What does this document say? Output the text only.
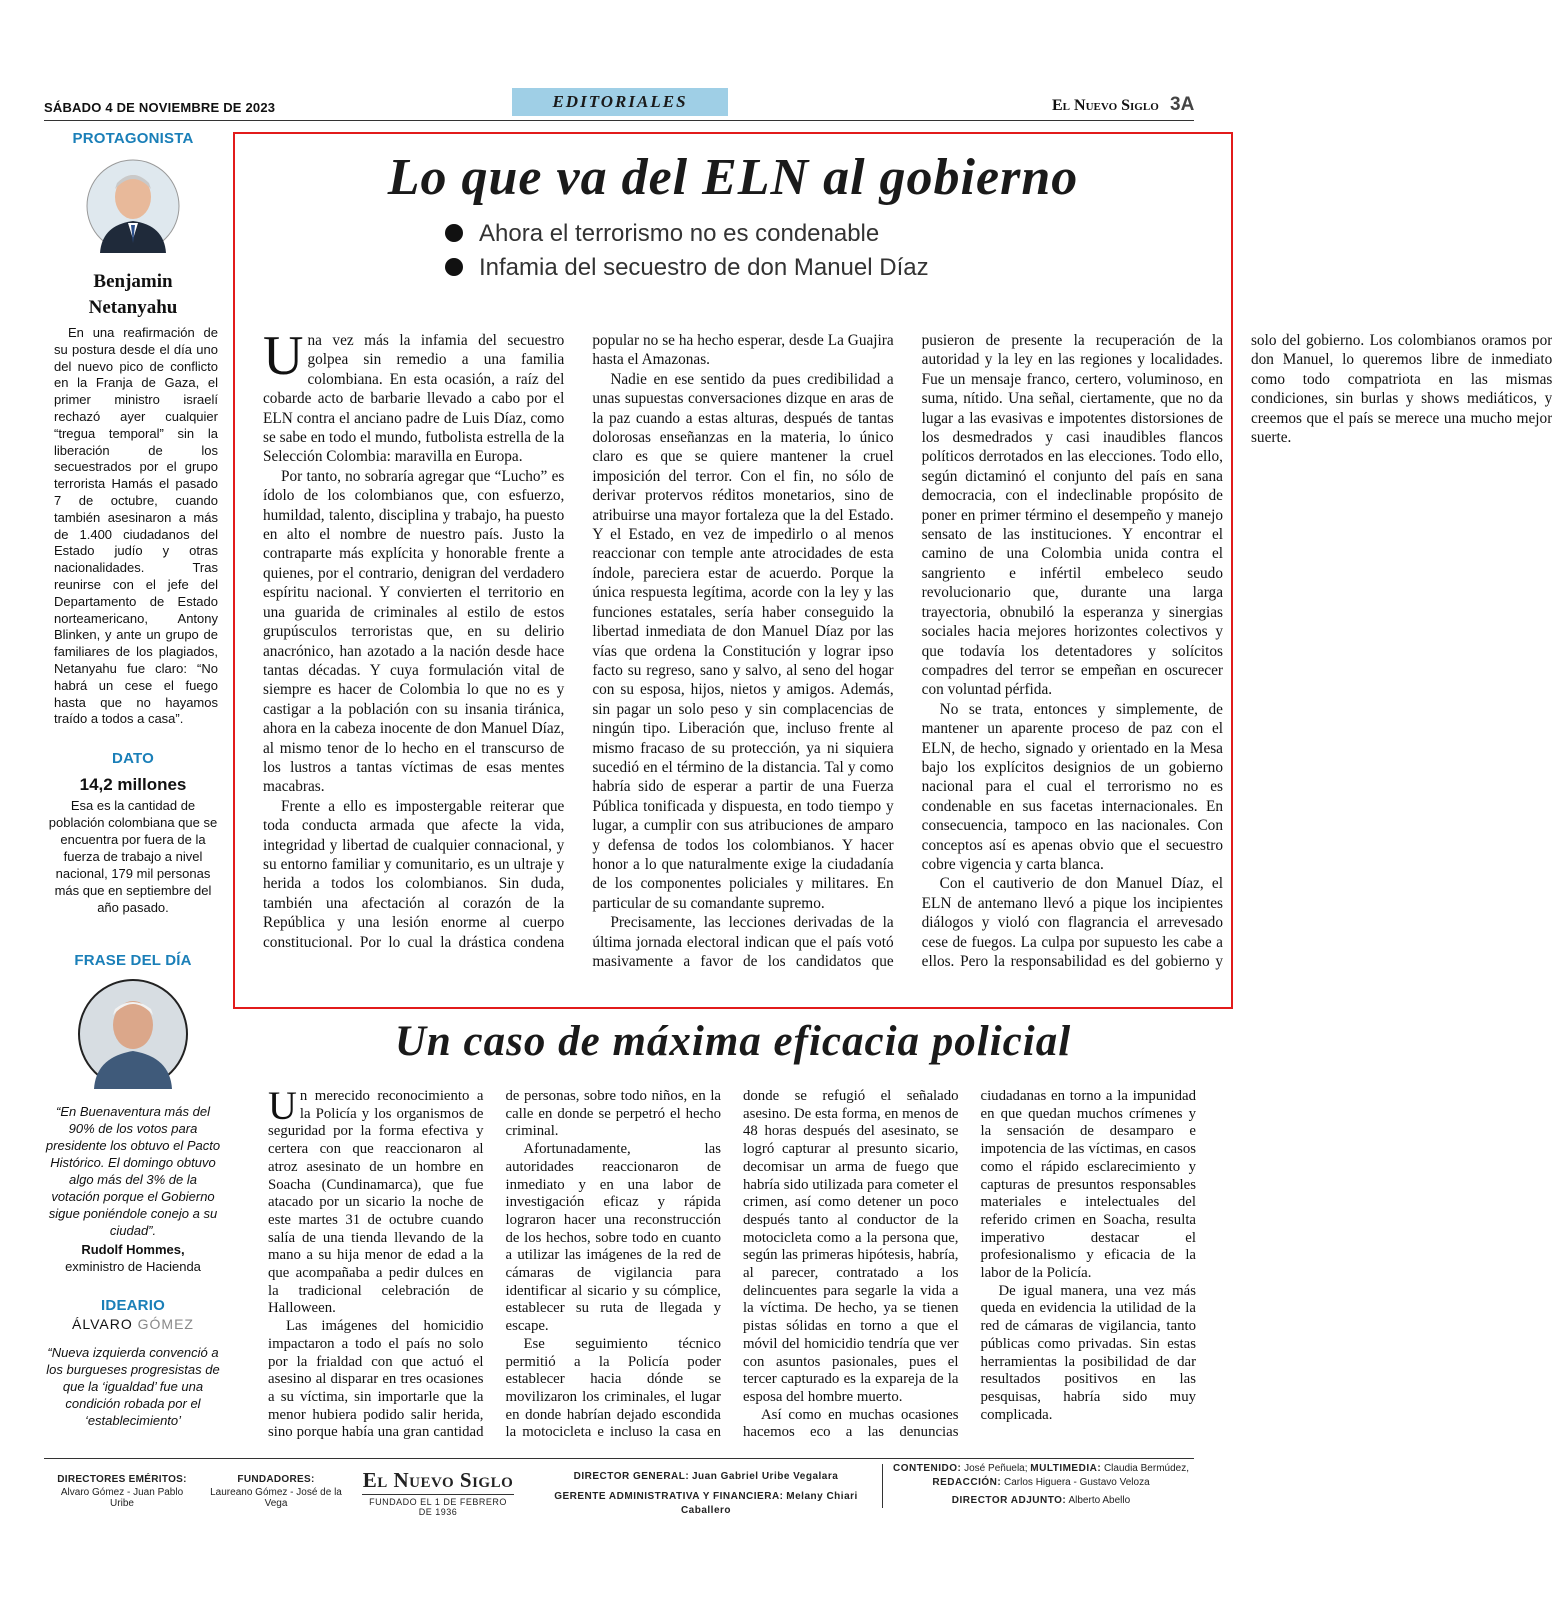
SÁBADO 4 DE NOVIEMBRE DE 2023	EDITORIALES	El Nuevo Siglo 3A
PROTAGONISTA
Benjamin
Netanyahu

En una reafirmación de su postura desde el día uno del nuevo pico de conflicto en la Franja de Gaza, el primer ministro israelí rechazó ayer cualquier “tregua temporal” sin la liberación de los secuestrados por el grupo terrorista Hamás el pasado 7 de octubre, cuando también asesinaron a más de 1.400 ciudadanos del Estado judío y otras nacionalidades. Tras reunirse con el jefe del Departamento de Estado norteamericano, Antony Blinken, y ante un grupo de familiares de los plagiados, Netanyahu fue claro: “No habrá un cese el fuego hasta que no hayamos traído a todos a casa”.

DATO
14,2 millones

Esa es la cantidad de población colombiana que se encuentra por fuera de la fuerza de trabajo a nivel nacional, 179 mil personas más que en septiembre del año pasado.

FRASE DEL DÍA

“En Buenaventura más del 90% de los votos para presidente los obtuvo el Pacto Histórico. El domingo obtuvo algo más del 3% de la votación porque el Gobierno sigue poniéndole conejo a su ciudad”.

Rudolf Hommes,
exministro de Hacienda
IDEARIO
ÁLVARO GÓMEZ

“Nueva izquierda convenció a los burgueses progresistas de que la ‘igualdad’ fue una condición robada por el ‘establecimiento’

Lo que va del ELN al gobierno
Ahora el terrorismo no es condenable
Infamia del secuestro de don Manuel Díaz

Una vez más la infamia del secuestro golpea sin remedio a una familia colombiana. En esta ocasión, a raíz del cobarde acto de barbarie llevado a cabo por el ELN contra el anciano padre de Luis Díaz, como se sabe en todo el mundo, futbolista estrella de la Selección Colombia: maravilla en Europa.

Por tanto, no sobraría agregar que “Lucho” es ídolo de los colombianos que, con esfuerzo, humildad, talento, disciplina y trabajo, ha puesto en alto el nombre de nuestro país. Justo la contraparte más explícita y honorable frente a quienes, por el contrario, denigran del verdadero espíritu nacional. Y convierten el territorio en una guarida de criminales al estilo de estos grupúsculos terroristas que, en su delirio anacrónico, han azotado a la nación desde hace tantas décadas. Y cuya formulación vital de siempre es hacer de Colombia lo que no es y castigar a la población con su insania tiránica, ahora en la cabeza inocente de don Manuel Díaz, al mismo tenor de lo hecho en el transcurso de los lustros a tantas víctimas de esas mentes macabras.

Frente a ello es impostergable reiterar que toda conducta armada que afecte la vida, integridad y libertad de cualquier connacional, y su entorno familiar y comunitario, es un ultraje y herida a todos los colombianos. Sin duda, también una afectación al corazón de la República y una lesión enorme al cuerpo constitucional. Por lo cual la drástica condena popular no se ha hecho esperar, desde La Guajira hasta el Amazonas.

Nadie en ese sentido da pues credibilidad a unas supuestas conversaciones dizque en aras de la paz cuando a estas alturas, después de tantas dolorosas enseñanzas en la materia, lo único claro es que se quiere mantener la cruel imposición del terror. Con el fin, no sólo de derivar protervos réditos monetarios, sino de atribuirse una mayor fortaleza que la del Estado. Y el Estado, en vez de impedirlo o al menos reaccionar con temple ante atrocidades de esta índole, pareciera estar de acuerdo. Porque la única respuesta legítima, acorde con la ley y las funciones estatales, sería haber conseguido la libertad inmediata de don Manuel Díaz por las vías que ordena la Constitución y lograr ipso facto su regreso, sano y salvo, al seno del hogar con su esposa, hijos, nietos y amigos. Además, sin pagar un solo peso y sin complacencias de ningún tipo. Liberación que, incluso frente al mismo fracaso de su protección, ya ni siquiera sucedió en el término de la distancia. Tal y como habría sido de esperar a partir de una Fuerza Pública tonificada y dispuesta, en todo tiempo y lugar, a cumplir con sus atribuciones de amparo y defensa de todos los colombianos. Y hacer honor a lo que naturalmente exige la ciudadanía de los componentes policiales y militares. En particular de su comandante supremo.

Precisamente, las lecciones derivadas de la última jornada electoral indican que el país votó masivamente a favor de los candidatos que pusieron de presente la recuperación de la autoridad y la ley en las regiones y localidades. Fue un mensaje franco, certero, voluminoso, en suma, nítido. Una señal, ciertamente, que no da lugar a las evasivas e impotentes distorsiones de los desmedrados y casi inaudibles flancos políticos derrotados en las elecciones. Todo ello, según dictaminó el conjunto del país en sana democracia, con el indeclinable propósito de poner en primer término el desempeño y manejo sensato de las instituciones. Y encontrar el camino de una Colombia unida contra el sangriento e infértil embeleco seudo revolucionario que, durante una larga trayectoria, obnubiló la esperanza y sinergias sociales hacia mejores horizontes colectivos y que todavía los detentadores y solícitos compadres del terror se empeñan en oscurecer con voluntad pérfida.

No se trata, entonces y simplemente, de mantener un aparente proceso de paz con el ELN, de hecho, signado y orientado en la Mesa bajo los explícitos designios de un gobierno nacional para el cual el terrorismo no es condenable en sus facetas internacionales. En consecuencia, tampoco en las nacionales. Con conceptos así es apenas obvio que el secuestro cobre vigencia y carta blanca.

Con el cautiverio de don Manuel Díaz, el ELN de antemano llevó a pique los incipientes diálogos y violó con flagrancia el arrevesado cese de fuegos. La culpa por supuesto les cabe a ellos. Pero la responsabilidad es del gobierno y solo del gobierno. Los colombianos oramos por don Manuel, lo queremos libre de inmediato como todo compatriota en las mismas condiciones, sin burlas y shows mediáticos, y creemos que el país se merece una mucho mejor suerte.

Un caso de máxima eficacia policial

Un merecido reconocimiento a la Policía y los organismos de seguridad por la forma efectiva y certera con que reaccionaron al atroz asesinato de un hombre en Soacha (Cundinamarca), que fue atacado por un sicario la noche de este martes 31 de octubre cuando salía de una tienda llevando de la mano a su hija menor de edad a la que acompañaba a pedir dulces en la tradicional celebración de Halloween.

Las imágenes del homicidio impactaron a todo el país no solo por la frialdad con que actuó el asesino al disparar en tres ocasiones a su víctima, sin importarle que la menor hubiera podido salir herida, sino porque había una gran cantidad de personas, sobre todo niños, en la calle en donde se perpetró el hecho criminal.

Afortunadamente, las autoridades reaccionaron de inmediato y en una labor de investigación eficaz y rápida lograron hacer una reconstrucción de los hechos, sobre todo en cuanto a utilizar las imágenes de la red de cámaras de vigilancia para identificar al sicario y su cómplice, establecer su ruta de llegada y escape.

Ese seguimiento técnico permitió a la Policía poder establecer hacia dónde se movilizaron los criminales, el lugar en donde habrían dejado escondida la motocicleta e incluso la casa en donde se refugió el señalado asesino. De esta forma, en menos de 48 horas después del asesinato, se logró capturar al presunto sicario, decomisar un arma de fuego que habría sido utilizada para cometer el crimen, así como detener un poco después tanto al conductor de la motocicleta como a la persona que, según las primeras hipótesis, habría, al parecer, contratado a los delincuentes para segarle la vida a la víctima. De hecho, ya se tienen pistas sólidas en torno a que el móvil del homicidio tendría que ver con asuntos pasionales, pues el tercer capturado es la expareja de la esposa del hombre muerto.

Así como en muchas ocasiones hacemos eco a las denuncias ciudadanas en torno a la impunidad en que quedan muchos crímenes y la sensación de desamparo e impotencia de las víctimas, en casos como el rápido esclarecimiento y capturas de presuntos responsables materiales e intelectuales del referido crimen en Soacha, resulta imperativo destacar el profesionalismo y eficacia de la labor de la Policía.

De igual manera, una vez más queda en evidencia la utilidad de la red de cámaras de vigilancia, tanto públicas como privadas. Sin estas herramientas la posibilidad de dar resultados positivos en las pesquisas, habría sido muy complicada.

DIRECTORES EMÉRITOS:
Alvaro Gómez - Juan Pablo Uribe
FUNDADORES:
Laureano Gómez - José de la Vega
El Nuevo Siglo
FUNDADO EL 1 DE FEBRERO DE 1936
DIRECTOR GENERAL: Juan Gabriel Uribe Vegalara
GERENTE ADMINISTRATIVA Y FINANCIERA: Melany Chiari Caballero
CONTENIDO: José Peñuela; MULTIMEDIA: Claudia Bermúdez,
REDACCIÓN: Carlos Higuera - Gustavo Veloza
DIRECTOR ADJUNTO: Alberto Abello
